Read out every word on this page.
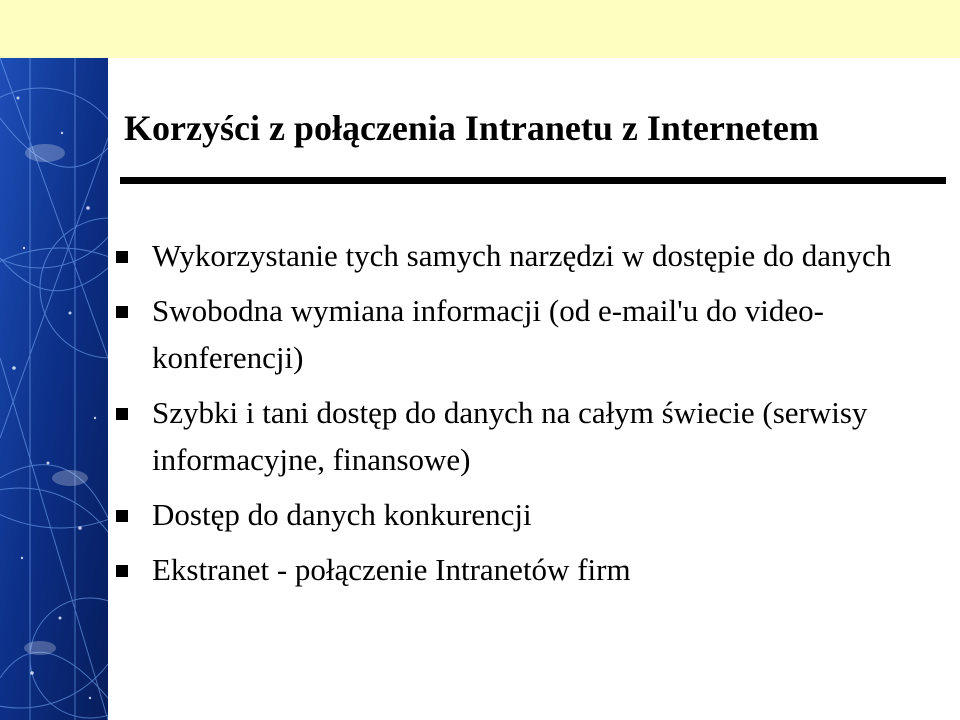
Korzyści z połączenia Intranetu z Internetem
Wykorzystanie tych samych narzędzi w dostępie do danych
Swobodna wymiana informacji (od e-mail'u do video-konferencji)
Szybki i tani dostęp do danych na całym świecie (serwisy informacyjne, finansowe)
Dostęp do danych konkurencji
Ekstranet - połączenie Intranetów firm
